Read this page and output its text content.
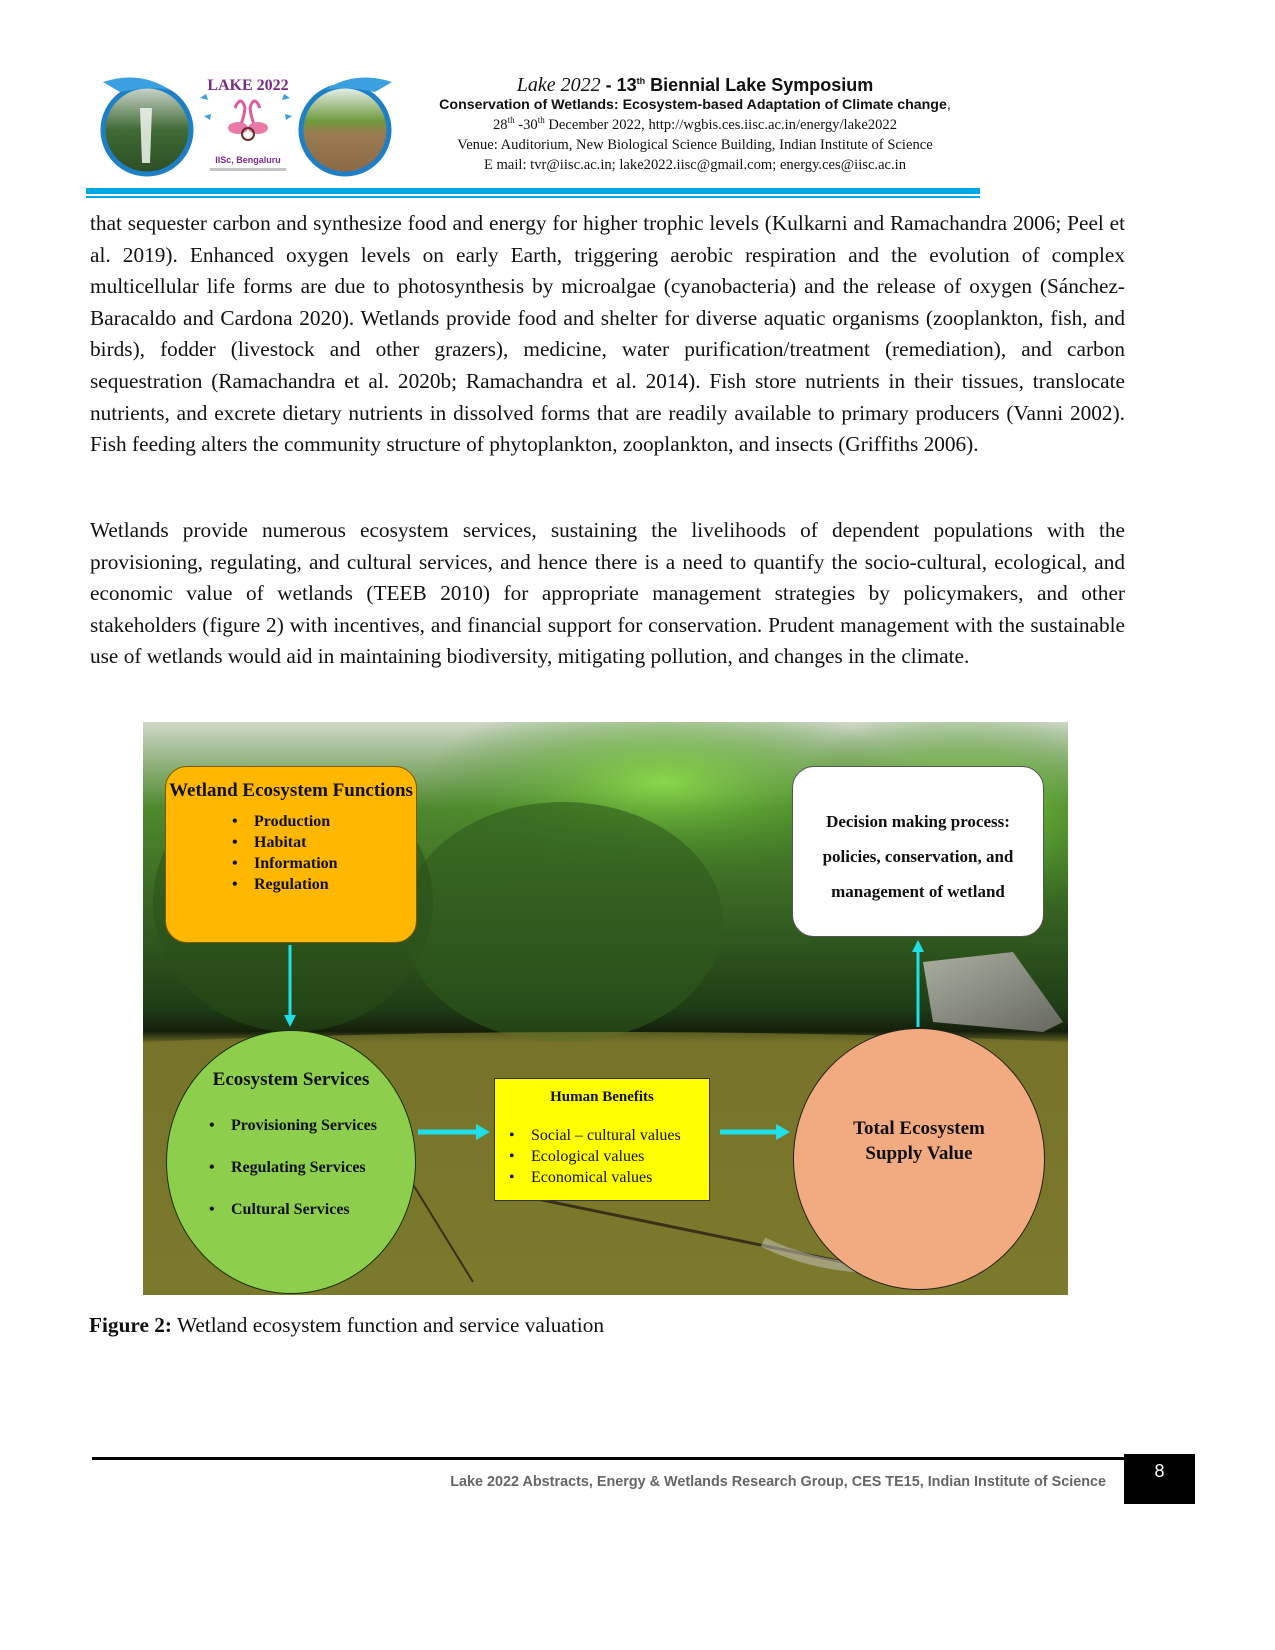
LAKE 2022
IISc, Bengaluru
Lake 2022 - 13th Biennial Lake Symposium
Conservation of Wetlands: Ecosystem-based Adaptation of Climate change,
28th -30th December 2022, http://wgbis.ces.iisc.ac.in/energy/lake2022
Venue: Auditorium, New Biological Science Building, Indian Institute of Science
E mail: tvr@iisc.ac.in; lake2022.iisc@gmail.com; energy.ces@iisc.ac.in

that sequester carbon and synthesize food and energy for higher trophic levels (Kulkarni and Ramachandra 2006; Peel et al. 2019). Enhanced oxygen levels on early Earth, triggering aerobic respiration and the evolution of complex multicellular life forms are due to photosynthesis by microalgae (cyanobacteria) and the release of oxygen (Sánchez-Baracaldo and Cardona 2020). Wetlands provide food and shelter for diverse aquatic organisms (zooplankton, fish, and birds), fodder (livestock and other grazers), medicine, water purification/treatment (remediation), and carbon sequestration (Ramachandra et al. 2020b; Ramachandra et al. 2014). Fish store nutrients in their tissues, translocate nutrients, and excrete dietary nutrients in dissolved forms that are readily available to primary producers (Vanni 2002). Fish feeding alters the community structure of phytoplankton, zooplankton, and insects (Griffiths 2006).

Wetlands provide numerous ecosystem services, sustaining the livelihoods of dependent populations with the provisioning, regulating, and cultural services, and hence there is a need to quantify the socio-cultural, ecological, and economic value of wetlands (TEEB 2010) for appropriate management strategies by policymakers, and other stakeholders (figure 2) with incentives, and financial support for conservation. Prudent management with the sustainable use of wetlands would aid in maintaining biodiversity, mitigating pollution, and changes in the climate.

Wetland Ecosystem Functions
• Production
• Habitat
• Information
• Regulation
Decision making process:
policies, conservation, and
management of wetland
Ecosystem Services
• Provisioning Services
• Regulating Services
• Cultural Services
Human Benefits
• Social – cultural values
• Ecological values
• Economical values
Total Ecosystem
Supply Value
Figure 2: Wetland ecosystem function and service valuation
Lake 2022 Abstracts, Energy & Wetlands Research Group, CES TE15, Indian Institute of Science
8
